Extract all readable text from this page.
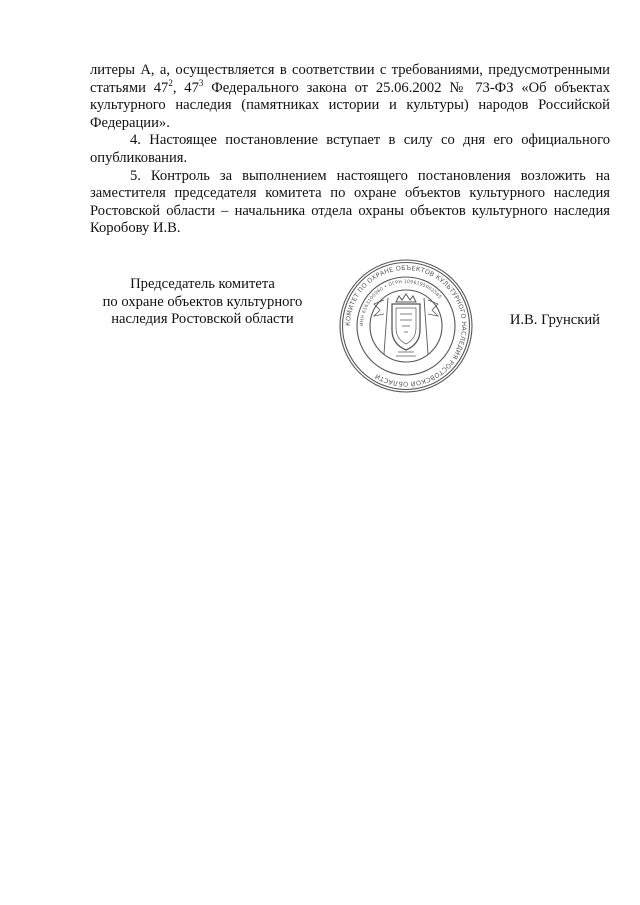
литеры А, а, осуществляется в соответствии с требованиями, предусмотренными статьями $47^2$, $47^3$ Федерального закона от 25.06.2002 № 73-ФЗ «Об объектах культурного наследия (памятниках истории и культуры) народов Российской Федерации».

4. Настоящее постановление вступает в силу со дня его официального опубликования.

5. Контроль за выполнением настоящего постановления возложить на заместителя председателя комитета по охране объектов культурного наследия Ростовской области – начальника отдела охраны объектов культурного наследия Коробову И.В.

Председатель комитета
по охране объектов культурного
наследия Ростовской области	КОМИТЕТ ПО ОХРАНЕ ОБЪЕКТОВ КУЛЬТУРНОГО НАСЛЕДИЯ РОСТОВСКОЙ ОБЛАСТИ
ИНН 6163100960 • ОГРН 1096195002585
И.В. Грунский
